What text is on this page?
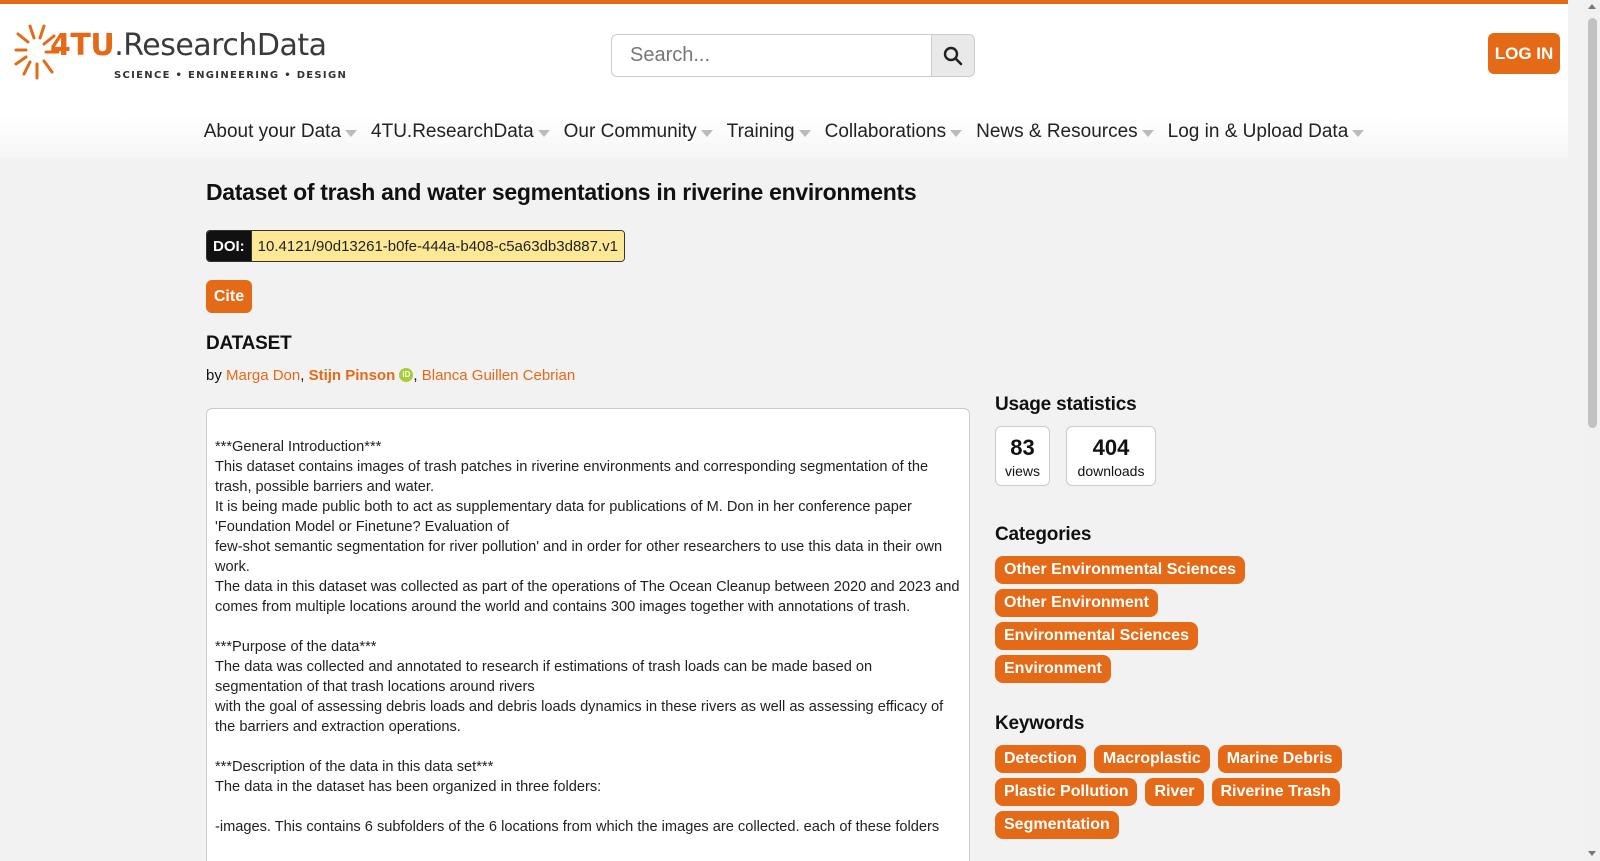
4TU.ResearchData
SCIENCE • ENGINEERING • DESIGN
Search...
LOG IN
About your Data 4TU.ResearchData Our Community Training Collaborations News & Resources Log in & Upload Data
Dataset of trash and water segmentations in riverine environments
DOI: 10.4121/90d13261-b0fe-444a-b408-c5a63db3d887.v1
Cite
DATASET
by Marga Don, Stijn Pinson iD , Blanca Guillen Cebrian

***General Introduction***
This dataset contains images of trash patches in riverine environments and corresponding segmentation of the trash, possible barriers and water.
It is being made public both to act as supplementary data for publications of M. Don in her conference paper 'Foundation Model or Finetune? Evaluation of
few-shot semantic segmentation for river pollution' and in order for other researchers to use this data in their own work.
The data in this dataset was collected as part of the operations of The Ocean Cleanup between 2020 and 2023 and comes from multiple locations around the world and contains 300 images together with annotations of trash.

***Purpose of the data***
The data was collected and annotated to research if estimations of trash loads can be made based on segmentation of that trash locations around rivers
with the goal of assessing debris loads and debris loads dynamics in these rivers as well as assessing efficacy of the barriers and extraction operations.

***Description of the data in this data set***
The data in the dataset has been organized in three folders:

-images. This contains 6 subfolders of the 6 locations from which the images are collected. each of these folders

Usage statistics
83
views
404
downloads
Categories
Other Environmental Sciences
Other Environment
Environmental Sciences
Environment
Keywords
Detection	Macroplastic	Marine Debris
Plastic Pollution	River	Riverine Trash
Segmentation
